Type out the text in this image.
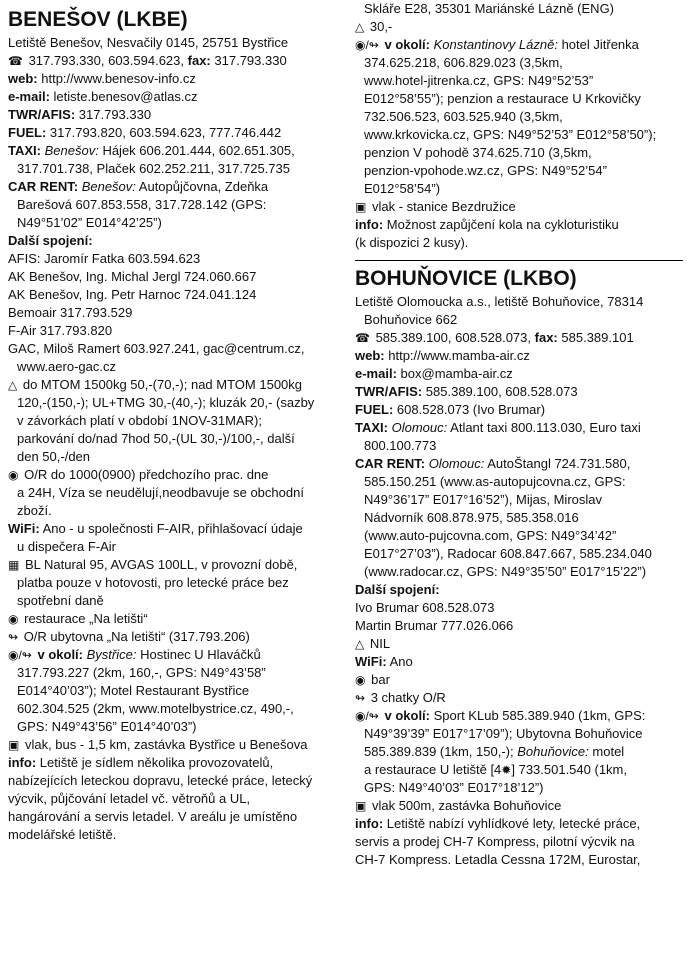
BENEŠOV (LKBE)
Letiště Benešov, Nesvačily 0145, 25751 Bystřice
☎ 317.793.330, 603.594.623, fax: 317.793.330
web: http://www.benesov-info.cz
e-mail: letiste.benesov@atlas.cz
TWR/AFIS: 317.793.330
FUEL: 317.793.820, 603.594.623, 777.746.442
TAXI: Benešov: Hájek 606.201.444, 602.651.305,
317.701.738, Plaček 602.252.211, 317.725.735
CAR RENT: Benešov: Autopůjčovna, Zdeňka
Barešová 607.853.558, 317.728.142 (GPS:
N49°51’02” E014°42’25”)
Další spojení:
AFIS: Jaromír Fatka 603.594.623
AK Benešov, Ing. Michal Jergl 724.060.667
AK Benešov, Ing. Petr Harnoc 724.041.124
Bemoair 317.793.529
F-Air 317.793.820
GAC, Miloš Ramert 603.927.241, gac@centrum.cz,
www.aero-gac.cz
△ do MTOM 1500kg 50,-(70,-); nad MTOM 1500kg
120,-(150,-); UL+TMG 30,-(40,-); kluzák 20,- (sazby
v závorkách platí v období 1NOV-31MAR);
parkování do/nad 7hod 50,-(UL 30,-)/100,-, další
den 50,-/den
◉ O/R do 1000(0900) předchozího prac. dne
a 24H, Víza se neudělují,neodbavuje se obchodní
zboží.
WiFi: Ano - u společnosti F-AIR, přihlašovací údaje
u dispečera F-Air
▦ BL Natural 95, AVGAS 100LL, v provozní době,
platba pouze v hotovosti, pro letecké práce bez
spotřební daně
◉ restaurace „Na letišti“
↬ O/R ubytovna „Na letišti“ (317.793.206)
◉/↬ v okolí: Bystřice: Hostinec U Hlaváčků
317.793.227 (2km, 160,-, GPS: N49°43’58”
E014°40’03”); Motel Restaurant Bystřice
602.304.525 (2km, www.motelbystrice.cz, 490,-,
GPS: N49°43’56” E014°40’03”)
▣ vlak, bus - 1,5 km, zastávka Bystřice u Benešova
info: Letiště je sídlem několika provozovatelů,
nabízejících leteckou dopravu, letecké práce, letecký
výcvik, půjčování letadel vč. větroňů a UL,
hangárování a servis letadel. V areálu je umístěno
modelářské letiště.
Skláře E28, 35301 Mariánské Lázně (ENG)
△ 30,-
◉/↬ v okolí: Konstantinovy Lázně: hotel Jitřenka
374.625.218, 606.829.023 (3,5km,
www.hotel-jitrenka.cz, GPS: N49°52’53”
E012°58’55”); penzion a restaurace U Krkovičky
732.506.523, 603.525.940 (3,5km,
www.krkovicka.cz, GPS: N49°52’53” E012°58’50”);
penzion V pohodě 374.625.710 (3,5km,
penzion-vpohode.wz.cz, GPS: N49°52’54”
E012°58’54”)
▣ vlak - stanice Bezdružice
info: Možnost zapůjčení kola na cykloturistiku
(k dispozici 2 kusy).
BOHUŇOVICE (LKBO)
Letiště Olomoucka a.s., letiště Bohuňovice, 78314
Bohuňovice 662
☎ 585.389.100, 608.528.073, fax: 585.389.101
web: http://www.mamba-air.cz
e-mail: box@mamba-air.cz
TWR/AFIS: 585.389.100, 608.528.073
FUEL: 608.528.073 (Ivo Brumar)
TAXI: Olomouc: Atlant taxi 800.113.030, Euro taxi
800.100.773
CAR RENT: Olomouc: AutoŠtangl 724.731.580,
585.150.251 (www.as-autopujcovna.cz, GPS:
N49°36’17” E017°16’52”), Mijas, Miroslav
Nádvorník 608.878.975, 585.358.016
(www.auto-pujcovna.com, GPS: N49°34’42”
E017°27’03”), Radocar 608.847.667, 585.234.040
(www.radocar.cz, GPS: N49°35’50” E017°15’22”)
Další spojení:
Ivo Brumar 608.528.073
Martin Brumar 777.026.066
△ NIL
WiFi: Ano
◉ bar
↬ 3 chatky O/R
◉/↬ v okolí: Sport KLub 585.389.940 (1km, GPS:
N49°39’39” E017°17’09”); Ubytovna Bohuňovice
585.389.839 (1km, 150,-); Bohuňovice: motel
a restaurace U letiště [4✹] 733.501.540 (1km,
GPS: N49°40’03” E017°18’12”)
▣ vlak 500m, zastávka Bohuňovice
info: Letiště nabízí vyhlídkové lety, letecké práce,
servis a prodej CH-7 Kompress, pilotní výcvik na
CH-7 Kompress. Letadla Cessna 172M, Eurostar,
